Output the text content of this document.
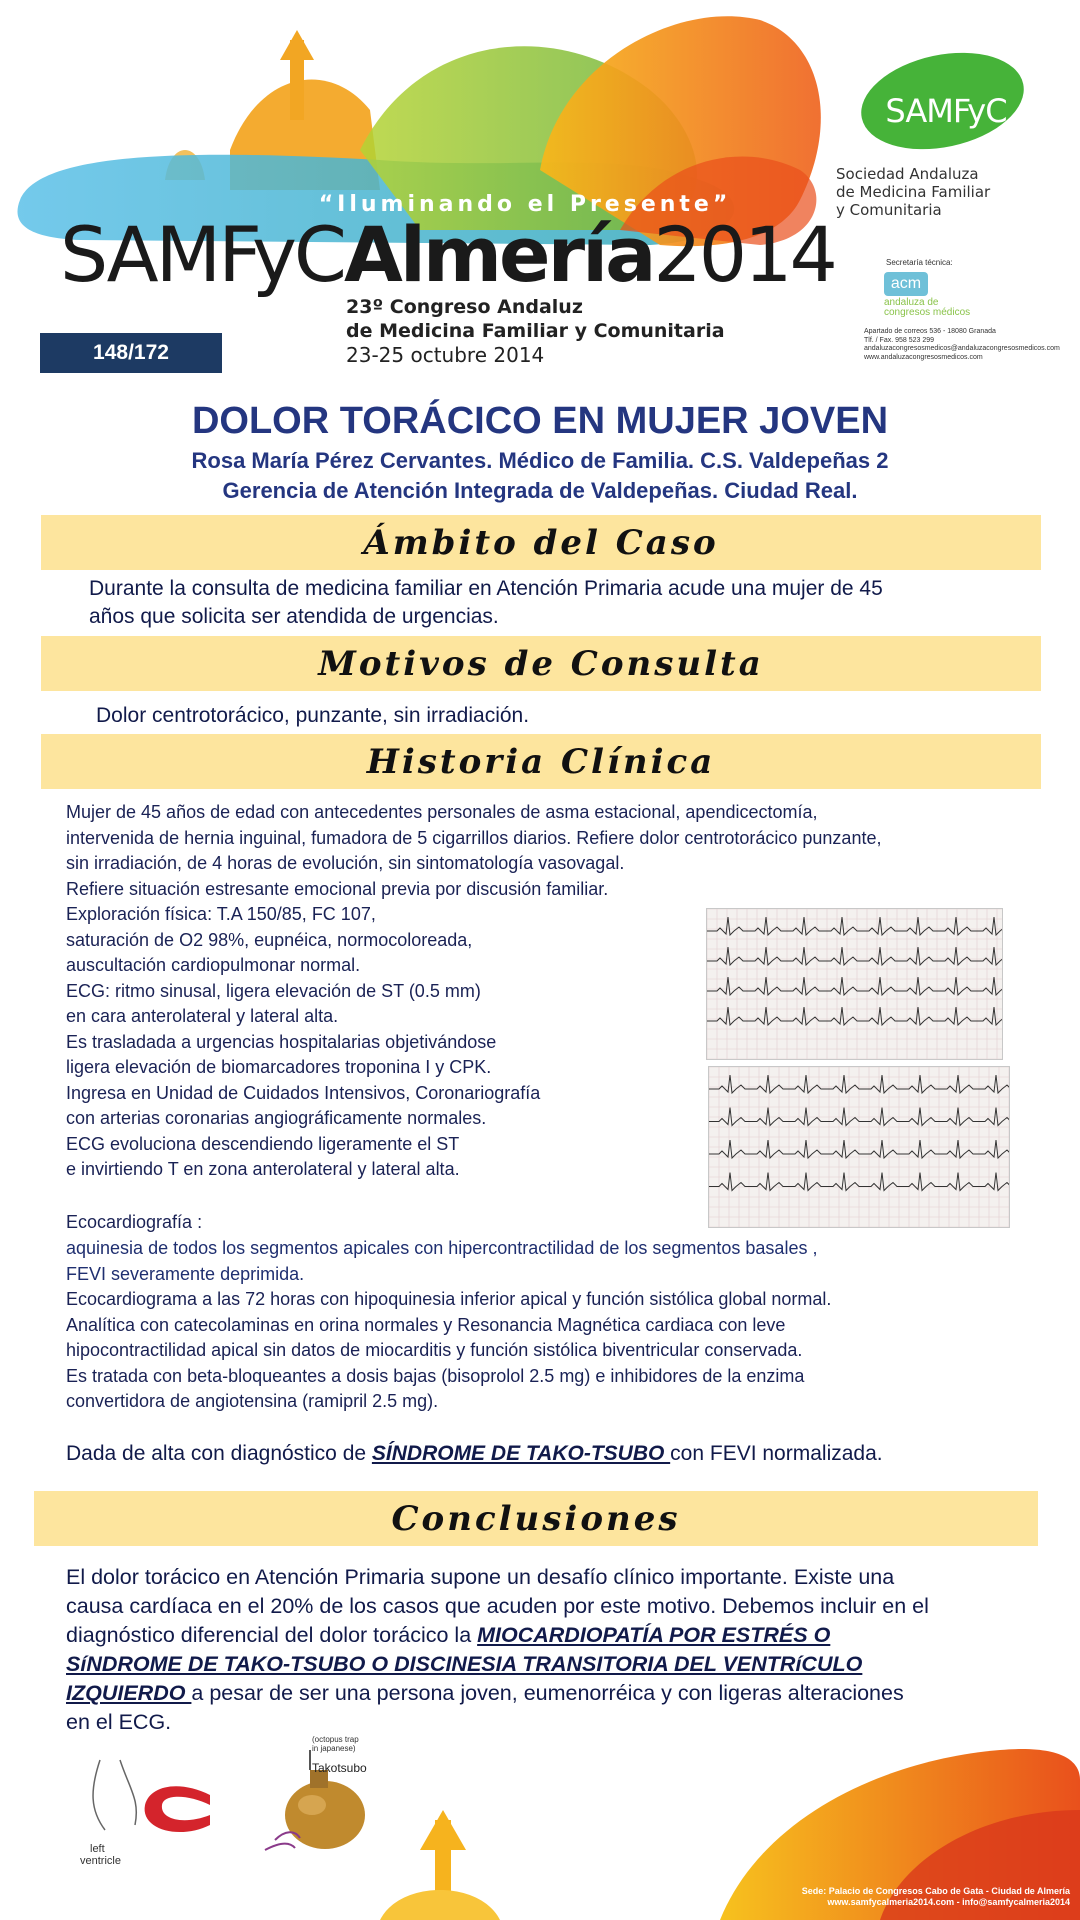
“Iluminando el Presente”
SAMFyCAlmería2014
23º Congreso Andaluz
de Medicina Familiar y Comunitaria
23-25 octubre 2014
148/172
SAMFyC
Sociedad Andaluza
de Medicina Familiar
y Comunitaria
Secretaría técnica:
acm
andaluza de
congresos médicos
Apartado de correos 536 - 18080 Granada
Tlf. / Fax. 958 523 299
andaluzacongresosmedicos@andaluzacongresosmedicos.com
www.andaluzacongresosmedicos.com
DOLOR TORÁCICO EN MUJER JOVEN
Rosa María Pérez Cervantes. Médico de Familia. C.S. Valdepeñas 2
Gerencia de Atención Integrada de Valdepeñas. Ciudad Real.
Ámbito del Caso
Durante la consulta de medicina familiar en Atención Primaria acude una mujer de 45
años que solicita ser atendida de urgencias.
Motivos de Consulta
Dolor centrotorácico, punzante, sin irradiación.
Historia Clínica
Mujer de 45 años de edad con antecedentes personales de asma estacional, apendicectomía,
intervenida de hernia inguinal, fumadora de 5 cigarrillos diarios. Refiere dolor centrotorácico punzante,
sin irradiación, de 4 horas de evolución, sin sintomatología vasovagal.
Refiere situación estresante emocional previa por discusión familiar.
Exploración física: T.A 150/85, FC 107,
saturación de O2 98%, eupnéica, normocoloreada,
auscultación cardiopulmonar normal.
ECG: ritmo sinusal, ligera elevación de ST (0.5 mm)
en cara anterolateral y lateral alta.
Es trasladada a urgencias hospitalarias objetivándose
ligera elevación de biomarcadores troponina I y CPK.
Ingresa en Unidad de Cuidados Intensivos, Coronariografía
con arterias coronarias angiográficamente normales.
ECG evoluciona descendiendo ligeramente el ST
e invirtiendo T en zona anterolateral y lateral alta.
Ecocardiografía :
aquinesia de todos los segmentos apicales con hipercontractilidad de los segmentos basales ,
FEVI severamente deprimida.
Ecocardiograma a las 72 horas con hipoquinesia inferior apical y función sistólica global normal.
Analítica con catecolaminas en orina normales y Resonancia Magnética cardiaca con leve
hipocontractilidad apical sin datos de miocarditis y función sistólica biventricular conservada.
Es tratada con beta-bloqueantes a dosis bajas (bisoprolol 2.5 mg) e inhibidores de la enzima
convertidora de angiotensina (ramipril 2.5 mg).
Dada de alta con diagnóstico de SÍNDROME DE TAKO-TSUBO con FEVI normalizada.
Conclusiones
El dolor torácico en Atención Primaria supone un desafío clínico importante. Existe una
causa cardíaca en el 20% de los casos que acuden por este motivo. Debemos incluir en el
diagnóstico diferencial del dolor torácico la MIOCARDIOPATÍA POR ESTRÉS O
SíNDROME DE TAKO-TSUBO O DISCINESIA TRANSITORIA DEL VENTRíCULO
IZQUIERDO a pesar de ser una persona joven, eumenorréica y con ligeras alteraciones
en el ECG.
left
ventricle
(octopus trap
in japanese)
Takotsubo
Sede: Palacio de Congresos Cabo de Gata - Ciudad de Almería
www.samfycalmeria2014.com - info@samfycalmeria2014
